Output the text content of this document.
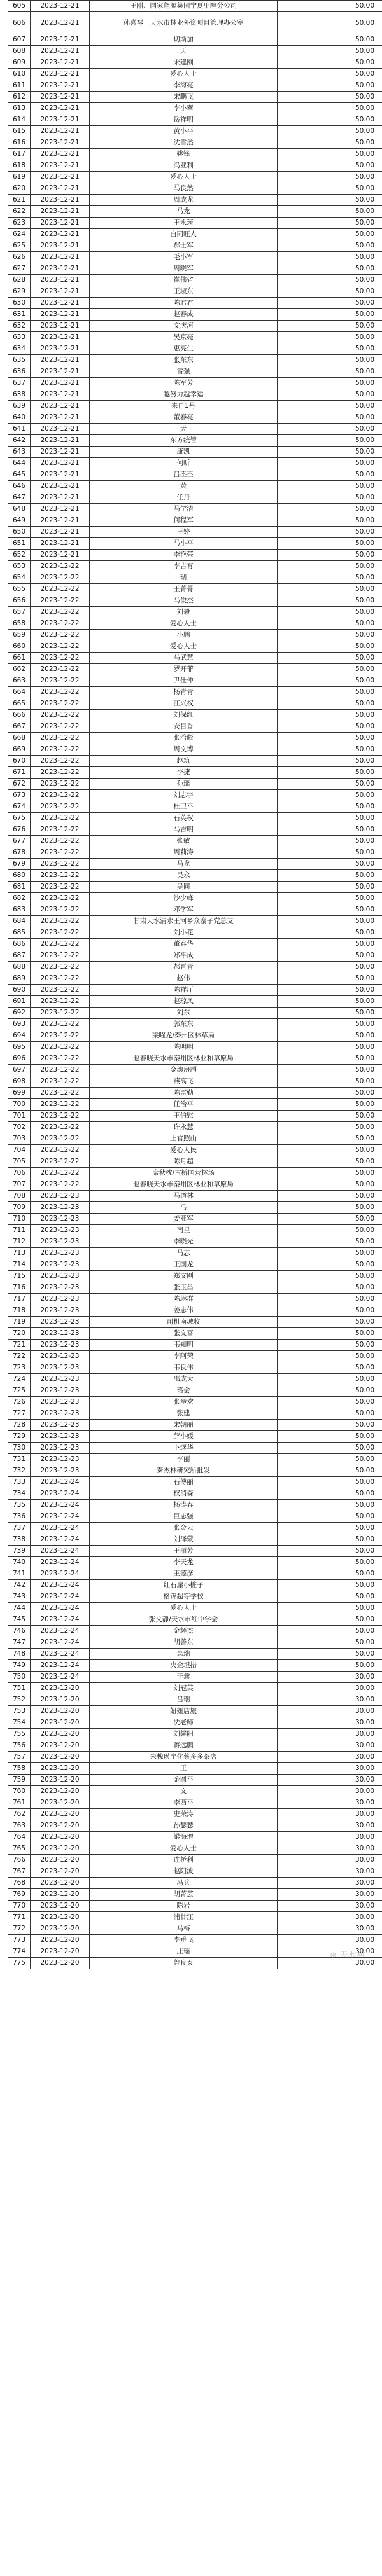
605	2023-12-21	王刚、国家能源集团宁夏甲醇分公司	50.00
606	2023-12-21	孙喜琴　天水市林业外资项目管理办公室	50.00
607	2023-12-21	切斯加	50.00
608	2023-12-21	天	50.00
609	2023-12-21	宋建刚	50.00
610	2023-12-21	爱心人士	50.00
611	2023-12-21	李海亮	50.00
612	2023-12-21	宋鹏飞	50.00
613	2023-12-21	李小翠	50.00
614	2023-12-21	岳祥明	50.00
615	2023-12-21	黄小平	50.00
616	2023-12-21	沈雪然	50.00
617	2023-12-21	姚锋	50.00
618	2023-12-21	冯亚利	50.00
619	2023-12-21	爱心人士	50.00
620	2023-12-21	马良然	50.00
621	2023-12-21	周成龙	50.00
622	2023-12-21	马龙	50.00
623	2023-12-21	王永瑛	50.00
624	2023-12-21	白同旺人	50.00
625	2023-12-21	郝士军	50.00
626	2023-12-21	毛小军	50.00
627	2023-12-21	周晓军	50.00
628	2023-12-21	崔伟省	50.00
629	2023-12-21	王淑东	50.00
630	2023-12-21	陈君君	50.00
631	2023-12-21	赵春成	50.00
632	2023-12-21	文庆河	50.00
633	2023-12-21	吴京亮	50.00
634	2023-12-21	惠亮生	50.00
635	2023-12-21	张东东	50.00
636	2023-12-21	雷强	50.00
637	2023-12-21	陈军芳	50.00
638	2023-12-21	越努力越幸运	50.00
639	2023-12-21	来自1号	50.00
640	2023-12-21	董春亮	50.00
641	2023-12-21	天	50.00
642	2023-12-21	东方统管	50.00
643	2023-12-21	康凯	50.00
644	2023-12-21	何昕	50.00
645	2023-12-21	吕丕丕	50.00
646	2023-12-21	黄	50.00
647	2023-12-21	任丹	50.00
648	2023-12-21	马学清	50.00
649	2023-12-21	何程军	50.00
650	2023-12-21	王婷	50.00
651	2023-12-21	马小平	50.00
652	2023-12-21	李艳荣	50.00
653	2023-12-22	李吉育	50.00
654	2023-12-22	瑞	50.00
655	2023-12-22	王菁菁	50.00
656	2023-12-22	马俊杰	50.00
657	2023-12-22	刘毅	50.00
658	2023-12-22	爱心人士	50.00
659	2023-12-22	小鹏	50.00
660	2023-12-22	爱心人士	50.00
661	2023-12-22	马武慧	50.00
662	2023-12-22	罗开菲	50.00
663	2023-12-22	尹仕仲	50.00
664	2023-12-22	杨青青	50.00
665	2023-12-22	江兴权	50.00
666	2023-12-22	刘保红	50.00
667	2023-12-22	安目香	50.00
668	2023-12-22	张治彪	50.00
669	2023-12-22	周文博	50.00
670	2023-12-22	赵筑	50.00
671	2023-12-22	李捷	50.00
672	2023-12-22	孙瑶	50.00
673	2023-12-22	刘志宇	50.00
674	2023-12-22	杜卫平	50.00
675	2023-12-22	石英权	50.00
676	2023-12-22	马吉明	50.00
677	2023-12-22	张敏	50.00
678	2023-12-22	周莉涛	50.00
679	2023-12-22	马龙	50.00
680	2023-12-22	吴永	50.00
681	2023-12-22	吴同	50.00
682	2023-12-22	沙少峰	50.00
683	2023-12-22	邓学军	50.00
684	2023-12-22	甘肃天水清水王河乡众寨子党总支	50.00
685	2023-12-22	刘小花	50.00
686	2023-12-22	董春华	50.00
687	2023-12-22	郑平成	50.00
688	2023-12-22	郝晋青	50.00
689	2023-12-22	赵伟	50.00
690	2023-12-22	陈祥厅	50.00
691	2023-12-22	赵琼凤	50.00
692	2023-12-22	刘东	50.00
693	2023-12-22	郭东东	50.00
694	2023-12-22	梁曜龙/秦州区林草局	50.00
695	2023-12-22	陈明明	50.00
696	2023-12-22	赵春晓天水市秦州区林业和草原局	50.00
697	2023-12-22	金壤房超	50.00
698	2023-12-22	燕高飞	50.00
699	2023-12-22	陈雷勤	50.00
700	2023-12-22	任治平	50.00
701	2023-12-22	王伯慰	50.00
702	2023-12-22	许永慧	50.00
703	2023-12-22	上官照山	50.00
704	2023-12-22	爱心人民	50.00
705	2023-12-22	陈月超	50.00
706	2023-12-22	席秋枕/古桥国营林场	50.00
707	2023-12-22	赵春晓天水市秦州区林业和草原局	50.00
708	2023-12-23	马道林	50.00
709	2023-12-23	冯	50.00
710	2023-12-23	姜亚军	50.00
711	2023-12-23	南星	50.00
712	2023-12-23	李晓光	50.00
713	2023-12-23	马志	50.00
714	2023-12-23	王国龙	50.00
715	2023-12-23	郑文刚	50.00
716	2023-12-23	张玉昌	50.00
717	2023-12-23	陈琳群	50.00
718	2023-12-23	姜志伟	50.00
719	2023-12-23	司机南城收	50.00
720	2023-12-23	张文富	50.00
721	2023-12-23	韦知明	50.00
722	2023-12-23	李阿荣	50.00
723	2023-12-23	韦良伟	50.00
724	2023-12-23	邵成大	50.00
725	2023-12-23	珞会	50.00
726	2023-12-23	张举欢	50.00
727	2023-12-23	张建	50.00
728	2023-12-23	宋朝丽	50.00
729	2023-12-23	薛小媛	50.00
730	2023-12-23	卜继华	50.00
731	2023-12-23	李丽	50.00
732	2023-12-23	秦杰林研究所批发	50.00
733	2023-12-24	石傅丽	50.00
734	2023-12-24	权消森	50.00
735	2023-12-24	杨涛春	50.00
736	2023-12-24	巨志强	50.00
737	2023-12-24	张金云	50.00
738	2023-12-24	刘泽蒙	50.00
739	2023-12-24	王丽芳	50.00
740	2023-12-24	李天龙	50.00
741	2023-12-24	王德彦	50.00
742	2023-12-24	红石崖小桩子	50.00
743	2023-12-24	格锦超等学校	50.00
744	2023-12-24	爱心人士	50.00
745	2023-12-24	张文静/天水市红中学会	50.00
746	2023-12-24	金辉杰	50.00
747	2023-12-24	胡善东	50.00
748	2023-12-24	念瑞	50.00
749	2023-12-24	央金坦措	50.00
750	2023-12-24	于鑫	30.00
751	2023-12-20	刘冠英	30.00
752	2023-12-20	吕瑞	30.00
753	2023-12-20	妞妞店旅	30.00
754	2023-12-20	冼老师	30.00
755	2023-12-20	刘馨阳	30.00
756	2023-12-20	蒋远鹏	30.00
757	2023-12-20	朱槐瑛宁化蔡多多茶店	30.00
758	2023-12-20	王	30.00
759	2023-12-20	金圆平	30.00
760	2023-12-20	文	30.00
761	2023-12-20	李西平	30.00
762	2023-12-20	史荣涛	30.00
763	2023-12-20	孙瑟瑟	30.00
764	2023-12-20	梁海增	30.00
765	2023-12-20	爱心人士	30.00
766	2023-12-20	连桥利	30.00
767	2023-12-20	赵阳波	30.00
768	2023-12-20	冯兵	30.00
769	2023-12-20	胡菁芸	30.00
770	2023-12-20	陈岩	30.00
771	2023-12-20	浦廿江	30.00
772	2023-12-20	马梅	30.00
773	2023-12-20	李垂飞	30.00
774	2023-12-20	庄瑶	30.00
775	2023-12-20	曾良泰	30.00
⊛ 天水网
